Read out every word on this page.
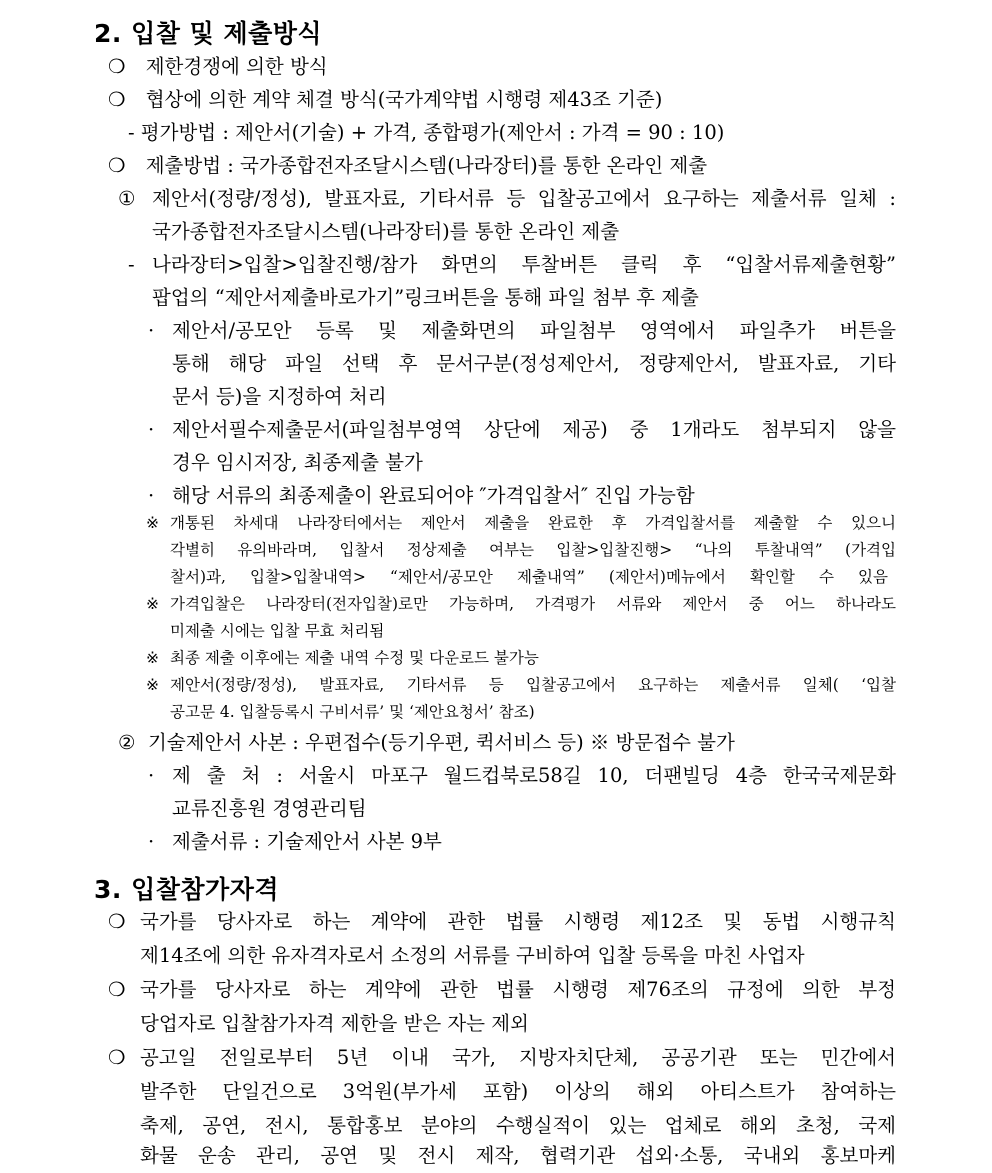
2. 입찰 및 제출방식
❍ 제한경쟁에 의한 방식
❍ 협상에 의한 계약 체결 방식(국가계약법 시행령 제43조 기준)
- 평가방법 : 제안서(기술) + 가격, 종합평가(제안서 : 가격 = 90 : 10)
❍ 제출방법 : 국가종합전자조달시스템(나라장터)를 통한 온라인 제출
① 제안서(정량/정성), 발표자료, 기타서류 등 입찰공고에서 요구하는 제출서류 일체 :
국가종합전자조달시스템(나라장터)를 통한 온라인 제출
- 나라장터>입찰>입찰진행/참가 화면의 투찰버튼 클릭 후 “입찰서류제출현황”
팝업의 “제안서제출바로가기”링크버튼을 통해 파일 첨부 후 제출
· 제안서/공모안 등록 및 제출화면의 파일첨부 영역에서 파일추가 버튼을
통해 해당 파일 선택 후 문서구분(정성제안서, 정량제안서, 발표자료, 기타
문서 등)을 지정하여 처리
· 제안서필수제출문서(파일첨부영역 상단에 제공) 중 1개라도 첨부되지 않을
경우 임시저장, 최종제출 불가
· 해당 서류의 최종제출이 완료되어야 ″가격입찰서″ 진입 가능함
※ 개통된 차세대 나라장터에서는 제안서 제출을 완료한 후 가격입찰서를 제출할 수 있으니
각별히 유의바라며, 입찰서 정상제출 여부는 입찰>입찰진행> “나의 투찰내역” (가격입
찰서)과, 입찰>입찰내역> “제안서/공모안 제출내역” (제안서)메뉴에서 확인할 수 있음
※ 가격입찰은 나라장터(전자입찰)로만 가능하며, 가격평가 서류와 제안서 중 어느 하나라도
미제출 시에는 입찰 무효 처리됨
※ 최종 제출 이후에는 제출 내역 수정 및 다운로드 불가능
※ 제안서(정량/정성), 발표자료, 기타서류 등 입찰공고에서 요구하는 제출서류 일체( ‘입찰
공고문 4. 입찰등록시 구비서류’ 및 ‘제안요청서’ 참조)
② 기술제안서 사본 : 우편접수(등기우편, 퀵서비스 등) ※ 방문접수 불가
· 제 출 처 : 서울시 마포구 월드컵북로58길 10, 더팬빌딩 4층 한국국제문화
교류진흥원 경영관리팀
· 제출서류 : 기술제안서 사본 9부
3. 입찰참가자격
❍ 국가를 당사자로 하는 계약에 관한 법률 시행령 제12조 및 동법 시행규칙
제14조에 의한 유자격자로서 소정의 서류를 구비하여 입찰 등록을 마친 사업자
❍ 국가를 당사자로 하는 계약에 관한 법률 시행령 제76조의 규정에 의한 부정
당업자로 입찰참가자격 제한을 받은 자는 제외
❍ 공고일 전일로부터 5년 이내 국가, 지방자치단체, 공공기관 또는 민간에서
발주한 단일건으로 3억원(부가세 포함) 이상의 해외 아티스트가 참여하는
축제, 공연, 전시, 통합홍보 분야의 수행실적이 있는 업체로 해외 초청, 국제
화물 운송 관리, 공연 및 전시 제작, 협력기관 섭외·소통, 국내외 홍보마케
